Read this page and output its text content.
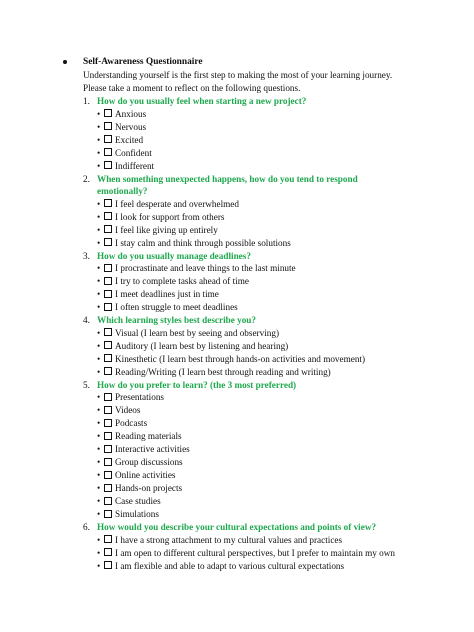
Self-Awareness Questionnaire
Understanding yourself is the first step to making the most of your learning journey.
Please take a moment to reflect on the following questions.
1. How do you usually feel when starting a new project?
• Anxious
• Nervous
• Excited
• Confident
• Indifferent
2. When something unexpected happens, how do you tend to respond emotionally?
• I feel desperate and overwhelmed
• I look for support from others
• I feel like giving up entirely
• I stay calm and think through possible solutions
3. How do you usually manage deadlines?
• I procrastinate and leave things to the last minute
• I try to complete tasks ahead of time
• I meet deadlines just in time
• I often struggle to meet deadlines
4. Which learning styles best describe you?
• Visual (I learn best by seeing and observing)
• Auditory (I learn best by listening and hearing)
• Kinesthetic (I learn best through hands-on activities and movement)
• Reading/Writing (I learn best through reading and writing)
5. How do you prefer to learn? (the 3 most preferred)
• Presentations
• Videos
• Podcasts
• Reading materials
• Interactive activities
• Group discussions
• Online activities
• Hands-on projects
• Case studies
• Simulations
6. How would you describe your cultural expectations and points of view?
• I have a strong attachment to my cultural values and practices
• I am open to different cultural perspectives, but I prefer to maintain my own
• I am flexible and able to adapt to various cultural expectations
